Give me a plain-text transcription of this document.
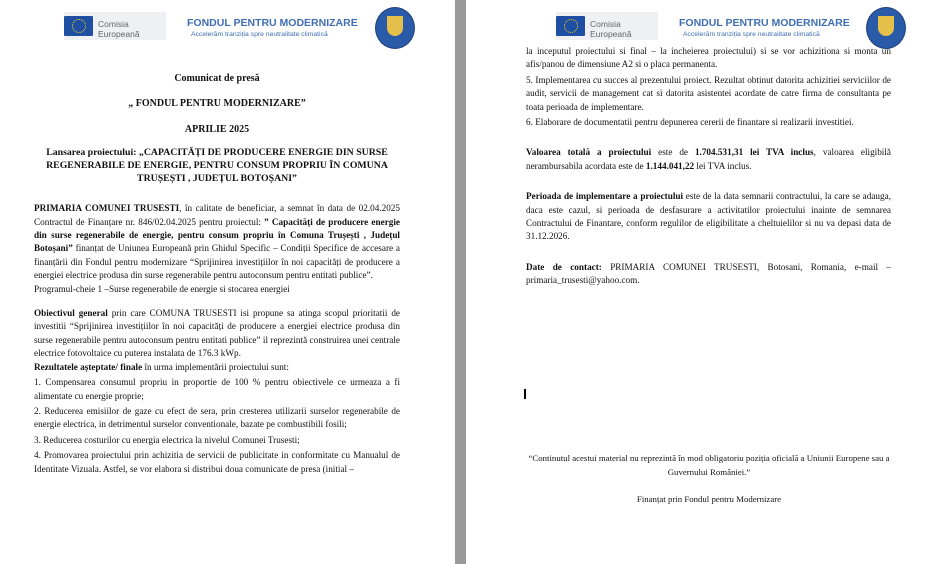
Comisia
Europeană
FONDUL PENTRU MODERNIZARE
Accelerăm tranziția spre neutralitate climatică

Comunicat de presă

„ FONDUL PENTRU MODERNIZARE”

APRILIE 2025

Lansarea proiectului: „CAPACITĂȚI DE PRODUCERE ENERGIE DIN SURSE REGENERABILE DE ENERGIE, PENTRU CONSUM PROPRIU ÎN COMUNA TRUȘEȘTI , JUDEȚUL BOTOȘANI”

PRIMARIA COMUNEI TRUSESTI, în calitate de beneficiar, a semnat în data de 02.04.2025 Contractul de Finanțare nr. 846/02.04.2025 pentru proiectul: ” Capacități de producere energie din surse regenerabile de energie, pentru consum propriu în Comuna Trușești , Județul Botoșani” finanțat de Uniunea Europeană prin Ghidul Specific – Condiții Specifice de accesare a finanțării din Fondul pentru modernizare “Sprijinirea investițiilor în noi capacități de producere a energiei electrice produsa din surse regenerabile pentru autoconsum pentru entitati publice”.

Programul-cheie 1 –Surse regenerabile de energie si stocarea energiei

Obiectivul general prin care COMUNA TRUSESTI isi propune sa atinga scopul prioritatii de investitii “Sprijinirea investițiilor în noi capacități de producere a energiei electrice produsa din surse regenerabile pentru autoconsum pentru entitati publice” il reprezintă construirea unei centrale electrice fotovoltaice cu puterea instalata de 176.3 kWp.

Rezultatele așteptate/ finale în urma implementării proiectului sunt:

1. Compensarea consumul propriu in proportie de 100 % pentru obiectivele ce urmeaza a fi alimentate cu energie proprie;

2. Reducerea emisiilor de gaze cu efect de sera, prin cresterea utilizarii surselor regenerabile de energie electrica, in detrimentul surselor conventionale, bazate pe combustibili fosili;

3. Reducerea costurilor cu energia electrica la nivelul Comunei Trusesti;

4. Promovarea proiectului prin achizitia de servicii de publicitate in conformitate cu Manualul de Identitate Vizuala. Astfel, se vor elabora si distribui doua comunicate de presa (initial –

Comisia
Europeană
FONDUL PENTRU MODERNIZARE
Accelerăm tranziția spre neutralitate climatică

la inceputul proiectului si final – la incheierea proiectului) si se vor achizitiona si monta un afis/panou de dimensiune A2 si o placa permanenta.

5. Implementarea cu succes al prezentului proiect. Rezultat obtinut datorita achizitiei serviciilor de audit, servicii de management cat si datorita asistentei acordate de catre firma de consultanta pe toata perioada de implementare.

6. Elaborare de documentatii pentru depunerea cererii de finantare si realizarii investitiei.

Valoarea totală a proiectului este de 1.704.531,31 lei TVA inclus, valoarea eligibilă nerambursabila acordata este de 1.144.041,22 lei TVA inclus.

Perioada de implementare a proiectului este de la data semnarii contractului, la care se adauga, daca este cazul, si perioada de desfasurare a activitatilor proiectului inainte de semnarea Contractului de Finantare, conform regulilor de eligibilitate a cheltuielilor si nu va depasi data de 31.12.2026.

Date de contact: PRIMARIA COMUNEI TRUSESTI, Botosani, Romania, e-mail – primaria_trusesti@yahoo.com.

“Continutul acestui material nu reprezintă în mod obligatoriu poziția oficială a Uniunii Europene sau a Guvernului României.”

Finanțat prin Fondul pentru Modernizare
